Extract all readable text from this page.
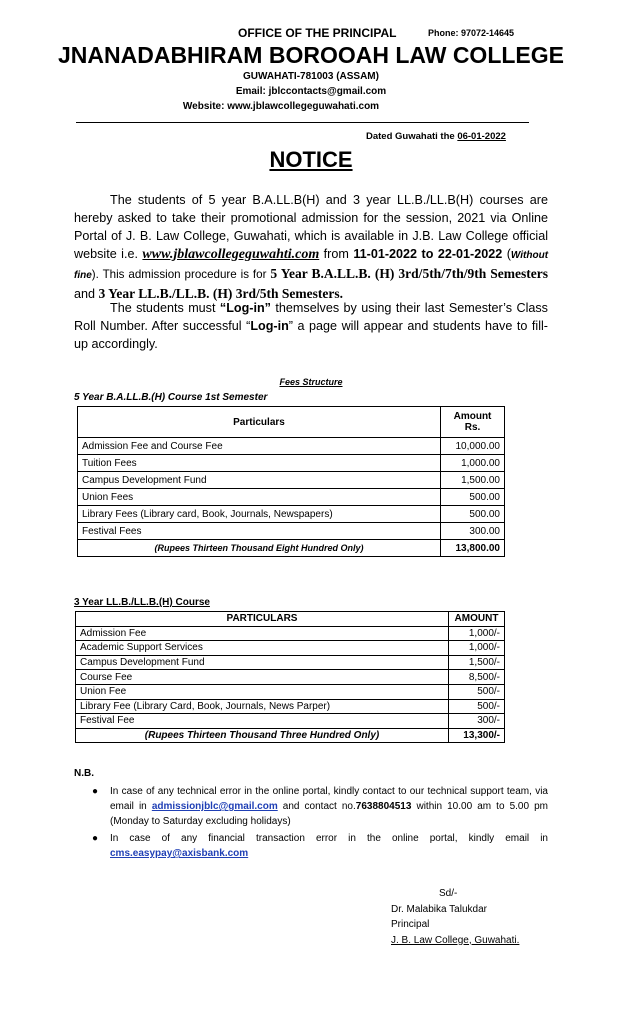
OFFICE OF THE PRINCIPAL	Phone: 97072-14645
JNANADABHIRAM BOROOAH LAW COLLEGE
GUWAHATI-781003 (ASSAM)
Email: jblccontacts@gmail.com
Website: www.jblawcollegeguwahati.com
Dated Guwahati the 06-01-2022
NOTICE
The students of 5 year B.A.LL.B(H) and 3 year LL.B./LL.B(H) courses are hereby asked to take their promotional admission for the session, 2021 via Online Portal of J. B. Law College, Guwahati, which is available in J.B. Law College official website i.e. www.jblawcollegeguwahti.com from 11-01-2022 to 22-01-2022 (Without fine). This admission procedure is for 5 Year B.A.LL.B. (H) 3rd/5th/7th/9th Semesters and 3 Year LL.B./LL.B. (H) 3rd/5th Semesters.
The students must “Log-in” themselves by using their last Semester’s Class Roll Number. After successful “Log-in” a page will appear and students have to fill-up accordingly.
Fees Structure
5 Year B.A.LL.B.(H) Course 1st Semester
Particulars	Amount Rs.
Admission Fee and Course Fee	10,000.00
Tuition Fees	1,000.00
Campus Development Fund	1,500.00
Union Fees	500.00
Library Fees (Library card, Book, Journals, Newspapers)	500.00
Festival Fees	300.00
(Rupees Thirteen Thousand Eight Hundred Only)	13,800.00
3 Year LL.B./LL.B.(H) Course
PARTICULARS	AMOUNT
Admission Fee	1,000/-
Academic Support Services	1,000/-
Campus Development Fund	1,500/-
Course Fee	8,500/-
Union Fee	500/-
Library Fee (Library Card, Book, Journals, News Parper)	500/-
Festival Fee	300/-
(Rupees Thirteen Thousand Three Hundred Only)	13,300/-
N.B.
● In case of any technical error in the online portal, kindly contact to our technical support team, via email in admissionjblc@gmail.com and contact no.7638804513 within 10.00 am to 5.00 pm (Monday to Saturday excluding holidays)
● In case of any financial transaction error in the online portal, kindly email in cms.easypay@axisbank.com
Sd/-
Dr. Malabika Talukdar
Principal
J. B. Law College, Guwahati.
